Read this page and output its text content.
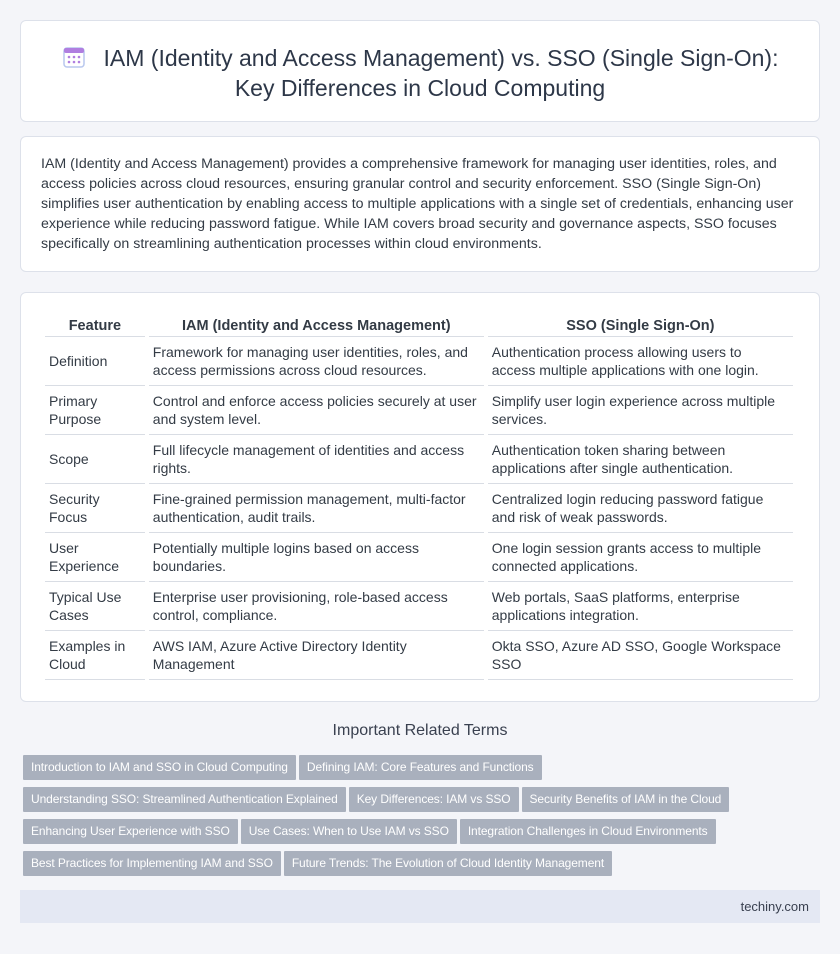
IAM (Identity and Access Management) vs. SSO (Single Sign-On):
Key Differences in Cloud Computing

IAM (Identity and Access Management) provides a comprehensive framework for managing user identities, roles, and access policies across cloud resources, ensuring granular control and security enforcement. SSO (Single Sign-On) simplifies user authentication by enabling access to multiple applications with a single set of credentials, enhancing user experience while reducing password fatigue. While IAM covers broad security and governance aspects, SSO focuses specifically on streamlining authentication processes within cloud environments.

Feature	IAM (Identity and Access Management)	SSO (Single Sign-On)
Definition	Framework for managing user identities, roles, and access permissions across cloud resources.	Authentication process allowing users to access multiple applications with one login.
Primary Purpose	Control and enforce access policies securely at user and system level.	Simplify user login experience across multiple services.
Scope	Full lifecycle management of identities and access rights.	Authentication token sharing between applications after single authentication.
Security Focus	Fine-grained permission management, multi-factor authentication, audit trails.	Centralized login reducing password fatigue and risk of weak passwords.
User Experience	Potentially multiple logins based on access boundaries.	One login session grants access to multiple connected applications.
Typical Use Cases	Enterprise user provisioning, role-based access control, compliance.	Web portals, SaaS platforms, enterprise applications integration.
Examples in Cloud	AWS IAM, Azure Active Directory Identity Management	Okta SSO, Azure AD SSO, Google Workspace SSO
Important Related Terms
Introduction to IAM and SSO in Cloud Computing Defining IAM: Core Features and Functions
Understanding SSO: Streamlined Authentication Explained Key Differences: IAM vs SSO Security Benefits of IAM in the Cloud
Enhancing User Experience with SSO Use Cases: When to Use IAM vs SSO Integration Challenges in Cloud Environments
Best Practices for Implementing IAM and SSO Future Trends: The Evolution of Cloud Identity Management
techiny.com
